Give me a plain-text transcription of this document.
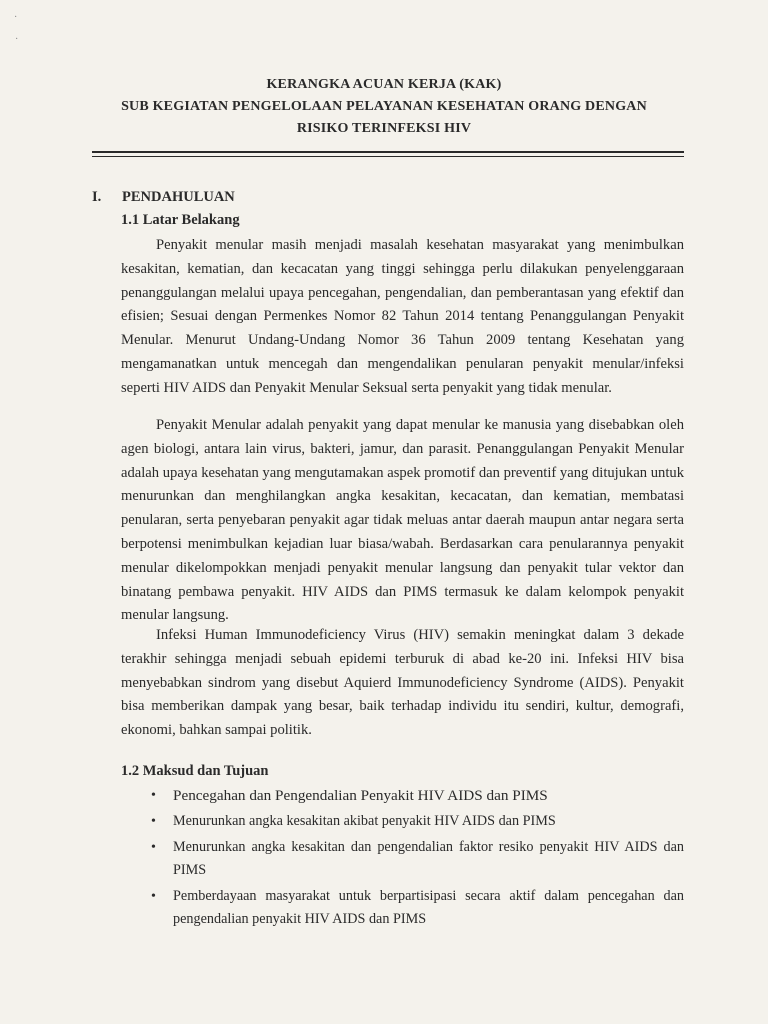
·
·
KERANGKA ACUAN KERJA (KAK)
SUB KEGIATAN PENGELOLAAN PELAYANAN KESEHATAN ORANG DENGAN
RISIKO TERINFEKSI HIV
I. PENDAHULUAN
1.1 Latar Belakang

Penyakit menular masih menjadi masalah kesehatan masyarakat yang menimbulkan kesakitan, kematian, dan kecacatan yang tinggi sehingga perlu dilakukan penyelenggaraan penanggulangan melalui upaya pencegahan, pengendalian, dan pemberantasan yang efektif dan efisien; Sesuai dengan Permenkes Nomor 82 Tahun 2014 tentang Penanggulangan Penyakit Menular. Menurut Undang-Undang Nomor 36 Tahun 2009 tentang Kesehatan yang mengamanatkan untuk mencegah dan mengendalikan penularan penyakit menular/infeksi seperti HIV AIDS dan Penyakit Menular Seksual serta penyakit yang tidak menular.

Penyakit Menular adalah penyakit yang dapat menular ke manusia yang disebabkan oleh agen biologi, antara lain virus, bakteri, jamur, dan parasit. Penanggulangan Penyakit Menular adalah upaya kesehatan yang mengutamakan aspek promotif dan preventif yang ditujukan untuk menurunkan dan menghilangkan angka kesakitan, kecacatan, dan kematian, membatasi penularan, serta penyebaran penyakit agar tidak meluas antar daerah maupun antar negara serta berpotensi menimbulkan kejadian luar biasa/wabah. Berdasarkan cara penularannya penyakit menular dikelompokkan menjadi penyakit menular langsung dan penyakit tular vektor dan binatang pembawa penyakit. HIV AIDS dan PIMS termasuk ke dalam kelompok penyakit menular langsung.

Infeksi Human Immunodeficiency Virus (HIV) semakin meningkat dalam 3 dekade terakhir sehingga menjadi sebuah epidemi terburuk di abad ke-20 ini. Infeksi HIV bisa menyebabkan sindrom yang disebut Aquierd Immunodeficiency Syndrome (AIDS). Penyakit bisa memberikan dampak yang besar, baik terhadap individu itu sendiri, kultur, demografi, ekonomi, bahkan sampai politik.

1.2 Maksud dan Tujuan
• Pencegahan dan Pengendalian Penyakit HIV AIDS dan PIMS
• Menurunkan angka kesakitan akibat penyakit HIV AIDS dan PIMS
• Menurunkan angka kesakitan dan pengendalian faktor resiko penyakit HIV AIDS dan PIMS
• Pemberdayaan masyarakat untuk berpartisipasi secara aktif dalam pencegahan dan pengendalian penyakit HIV AIDS dan PIMS
